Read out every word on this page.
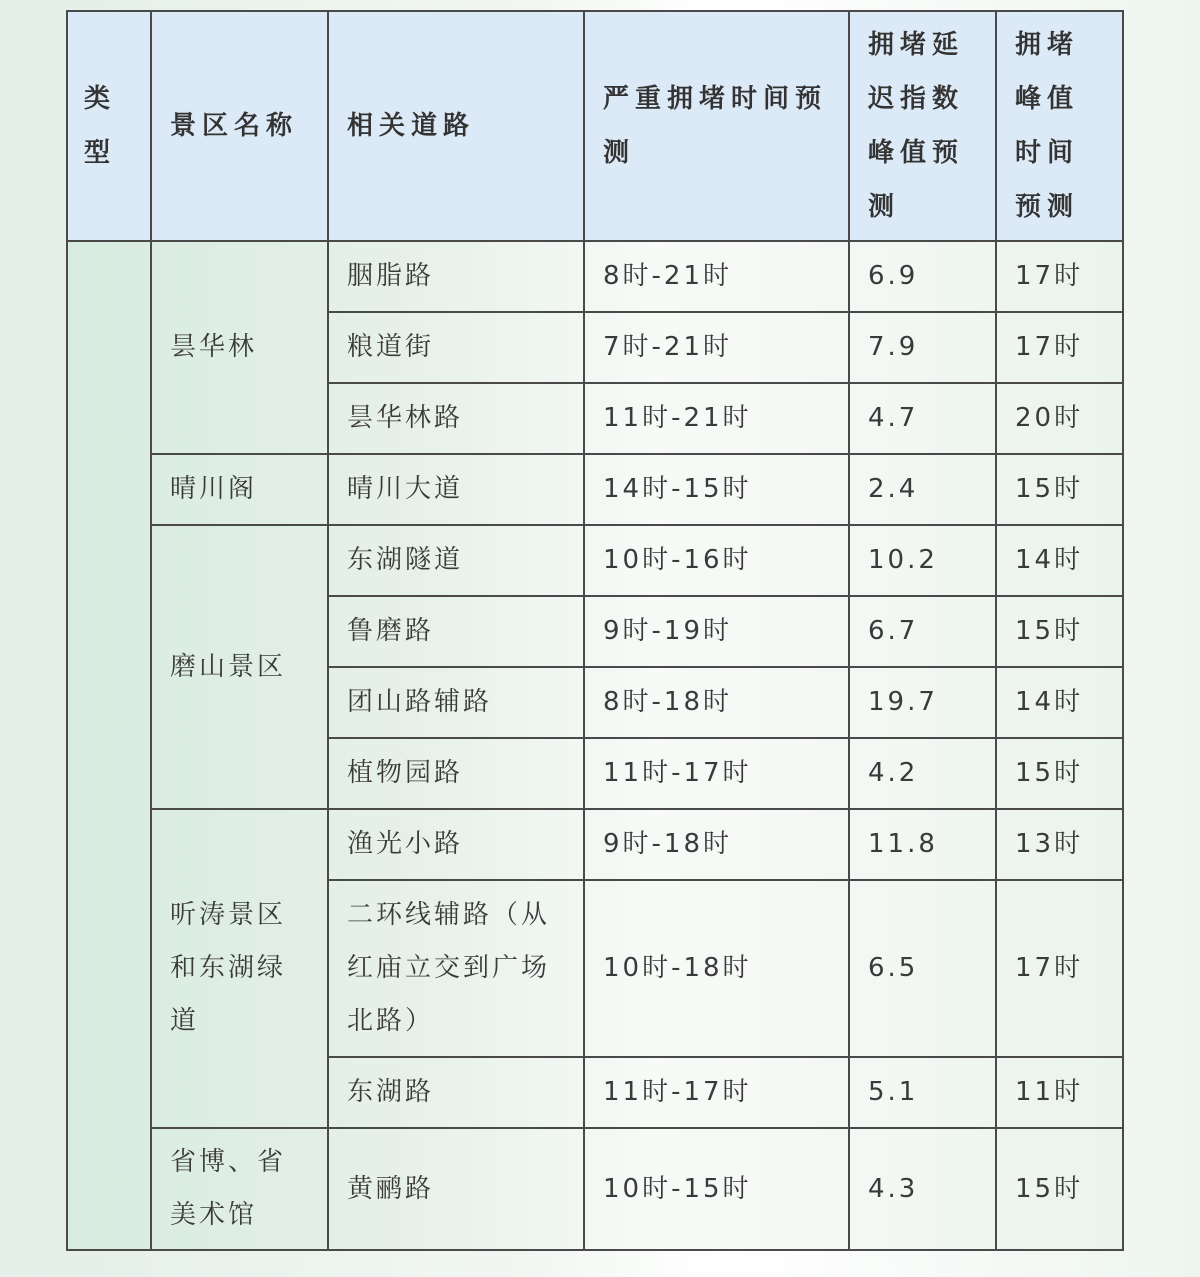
类型	景区名称	相关道路	严重拥堵时间预测	拥堵延迟指数峰值预测	拥堵峰值时间预测
	昙华林	胭脂路	8时-21时	6.9	17时
		粮道街	7时-21时	7.9	17时
		昙华林路	11时-21时	4.7	20时
	晴川阁	晴川大道	14时-15时	2.4	15时
	磨山景区	东湖隧道	10时-16时	10.2	14时
		鲁磨路	9时-19时	6.7	15时
		团山路辅路	8时-18时	19.7	14时
		植物园路	11时-17时	4.2	15时
	听涛景区和东湖绿道	渔光小路	9时-18时	11.8	13时
		二环线辅路（从红庙立交到广场北路）	10时-18时	6.5	17时
		东湖路	11时-17时	5.1	11时
	省博、省美术馆	黄鹂路	10时-15时	4.3	15时
